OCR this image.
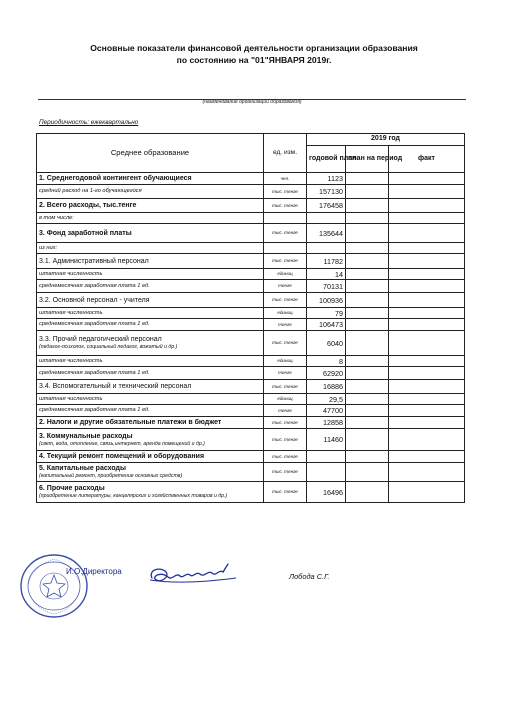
Основные показатели финансовой деятельности организации образования
по состоянию на "01"ЯНВАРЯ 2019г.
(наименование организации образования)
Периодичность: ежеквартально
Среднее образование	ед. изм.	2019 год		
		годовой план	план на период	факт

1. Среднегодовой контингент обучающиеся	чел.	1123		

средний расход на 1-го обучающегося	тыс. тенге	157130		

2. Всего расходы, тыс.тенге	тыс. тенге	176458		

в том числе:				

3. Фонд заработной платы	тыс. тенге	135644		

из них:				

3.1. Административный персонал	тыс. тенге	11782		

штатная численность	единиц	14		

среднемесячная заработная плата 1 ед.	тенге	70131		

3.2. Основной персонал - учителя	тыс. тенге	100936		

штатная численность	единиц	79		

среднемесячная заработная плата 1 ед.	тенге	106473		

3.3. Прочий педагогический персонал
(педагог-психолог, социальный педагог, вожатый и др.)	тыс. тенге	6040		

штатная численность	единиц	8		

среднемесячная заработная плата 1 ед.	тенге	62920		

3.4. Вспомогательный и технический персонал	тыс. тенге	16886		

штатная численность	единиц	29,5		

среднемесячная заработная плата 1 ед.	тенге	47700		

2. Налоги и другие обязательные платежи в бюджет	тыс. тенге	12858		

3. Коммунальные расходы
(свет, вода, отопление, связь,интернет, аренда помещений и др.)	тыс. тенге	11460		

4. Текущий ремонт помещений и оборудования	тыс. тенге			

5. Капитальные расходы
(капитальный ремонт, приобретение основных средств)	тыс. тенге			

6. Прочие расходы
(приобретение литературы, канцелярских и хозяйственных товаров и др.)	тыс. тенге	16496		
И.О.Директора
Лобода С.Г.
